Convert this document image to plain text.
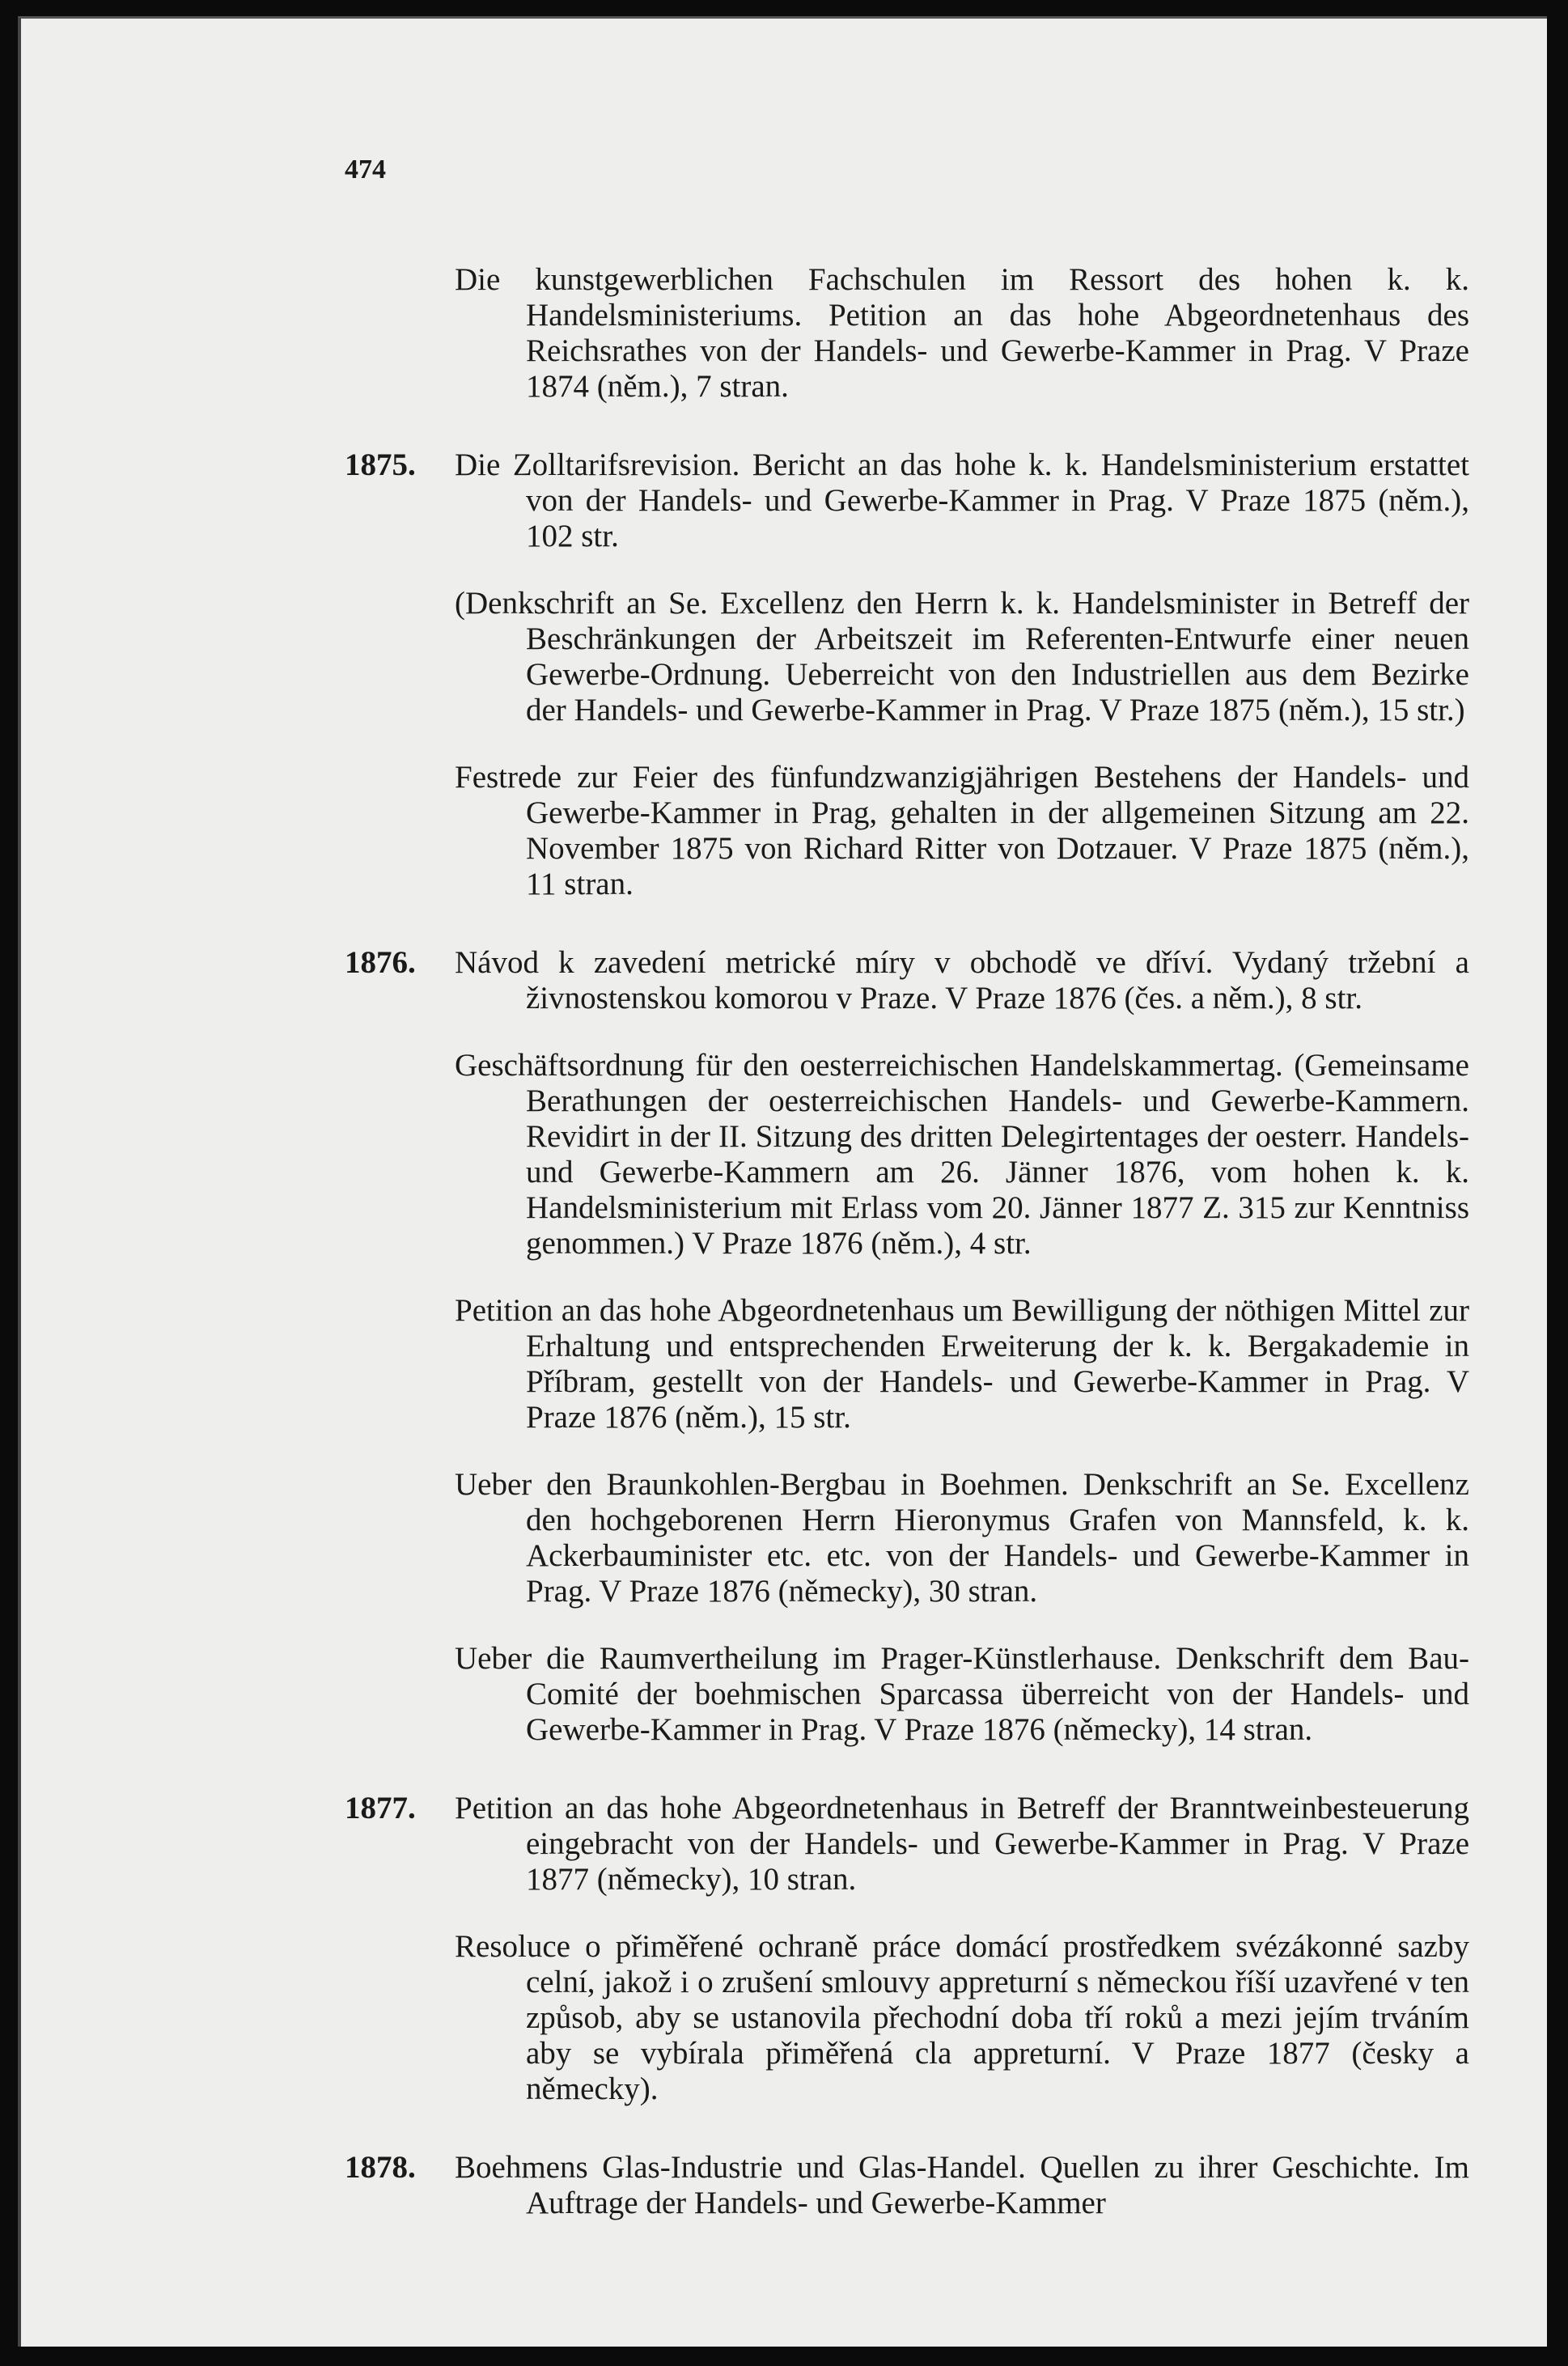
474

Die kunstgewerblichen Fachschulen im Ressort des hohen k. k. Handelsministeriums. Petition an das hohe Abgeordnetenhaus des Reichsrathes von der Handels- und Gewerbe-Kammer in Prag. V Praze 1874 (něm.), 7 stran.

1875. Die Zolltarifsrevision. Bericht an das hohe k. k. Handelsministerium erstattet von der Handels- und Gewerbe-Kammer in Prag. V Praze 1875 (něm.), 102 str.

(Denkschrift an Se. Excellenz den Herrn k. k. Handelsminister in Betreff der Beschränkungen der Arbeitszeit im Referenten-Entwurfe einer neuen Gewerbe-Ordnung. Ueberreicht von den Industriellen aus dem Bezirke der Handels- und Gewerbe-Kammer in Prag. V Praze 1875 (něm.), 15 str.)

Festrede zur Feier des fünfundzwanzigjährigen Bestehens der Handels- und Gewerbe-Kammer in Prag, gehalten in der allgemeinen Sitzung am 22. November 1875 von Richard Ritter von Dotzauer. V Praze 1875 (něm.), 11 stran.

1876. Návod k zavedení metrické míry v obchodě ve dříví. Vydaný tržební a živnostenskou komorou v Praze. V Praze 1876 (čes. a něm.), 8 str.

Geschäftsordnung für den oesterreichischen Handelskammertag. (Gemeinsame Berathungen der oesterreichischen Handels- und Gewerbe-Kammern. Revidirt in der II. Sitzung des dritten Delegirtentages der oesterr. Handels- und Gewerbe-Kammern am 26. Jänner 1876, vom hohen k. k. Handelsministerium mit Erlass vom 20. Jänner 1877 Z. 315 zur Kenntniss genommen.) V Praze 1876 (něm.), 4 str.

Petition an das hohe Abgeordnetenhaus um Bewilligung der nöthigen Mittel zur Erhaltung und entsprechenden Erweiterung der k. k. Bergakademie in Příbram, gestellt von der Handels- und Gewerbe-Kammer in Prag. V Praze 1876 (něm.), 15 str.

Ueber den Braunkohlen-Bergbau in Boehmen. Denkschrift an Se. Excellenz den hochgeborenen Herrn Hieronymus Grafen von Mannsfeld, k. k. Ackerbauminister etc. etc. von der Handels- und Gewerbe-Kammer in Prag. V Praze 1876 (německy), 30 stran.

Ueber die Raumvertheilung im Prager-Künstlerhause. Denkschrift dem Bau-Comité der boehmischen Sparcassa überreicht von der Handels- und Gewerbe-Kammer in Prag. V Praze 1876 (německy), 14 stran.

1877. Petition an das hohe Abgeordnetenhaus in Betreff der Branntweinbesteuerung eingebracht von der Handels- und Gewerbe-Kammer in Prag. V Praze 1877 (německy), 10 stran.

Resoluce o přiměřené ochraně práce domácí prostředkem svézákonné sazby celní, jakož i o zrušení smlouvy appreturní s německou říší uzavřené v ten způsob, aby se ustanovila přechodní doba tří roků a mezi jejím trváním aby se vybírala přiměřená cla appreturní. V Praze 1877 (česky a německy).

1878. Boehmens Glas-Industrie und Glas-Handel. Quellen zu ihrer Geschichte. Im Auftrage der Handels- und Gewerbe-Kammer
